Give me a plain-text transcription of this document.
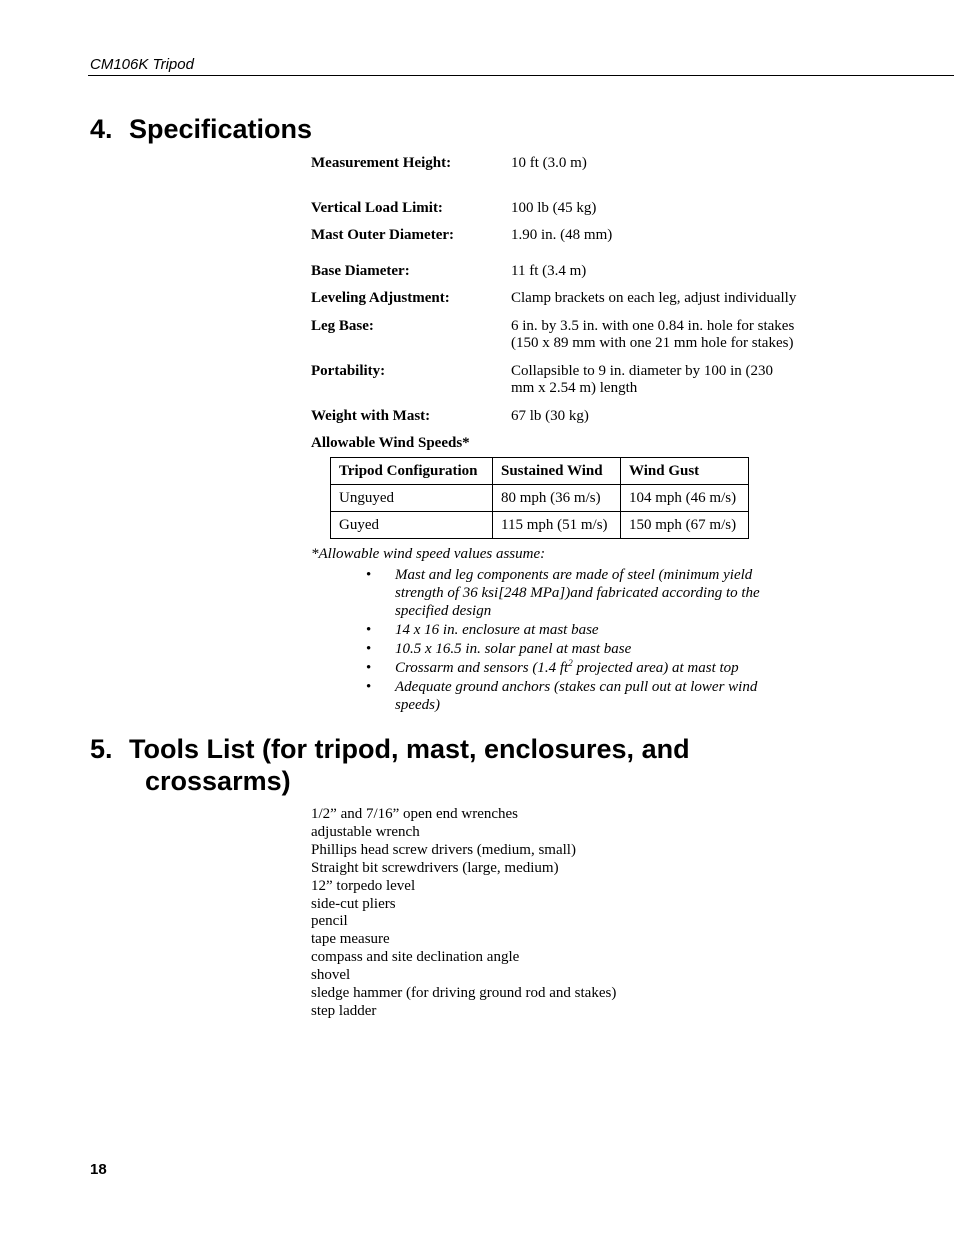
CM106K Tripod
4. Specifications
Measurement Height:	10 ft (3.0 m)
Vertical Load Limit:	100 lb (45 kg)
Mast Outer Diameter:	1.90 in. (48 mm)
Base Diameter:	11 ft (3.4 m)
Leveling Adjustment:	Clamp brackets on each leg, adjust individually
Leg Base:	6 in. by 3.5 in. with one 0.84 in. hole for stakes (150 x 89 mm with one 21 mm hole for stakes)
Portability:	Collapsible to 9 in. diameter by 100 in (230 mm x 2.54 m) length
Weight with Mast:	67 lb (30 kg)
Allowable Wind Speeds*
Tripod Configuration	Sustained Wind	Wind Gust
Unguyed	80 mph (36 m/s)	104 mph (46 m/s)
Guyed	115 mph (51 m/s)	150 mph (67 m/s)
*Allowable wind speed values assume:
• Mast and leg components are made of steel (minimum yield strength of 36 ksi[248 MPa])and fabricated according to the specified design
• 14 x 16 in. enclosure at mast base
• 10.5 x 16.5 in. solar panel at mast base
• Crossarm and sensors (1.4 $ft^2$ projected area) at mast top
• Adequate ground anchors (stakes can pull out at lower wind speeds)
5. Tools List (for tripod, mast, enclosures, and
crossarms)
1/2” and 7/16” open end wrenches
adjustable wrench
Phillips head screw drivers (medium, small)
Straight bit screwdrivers (large, medium)
12” torpedo level
side-cut pliers
pencil
tape measure
compass and site declination angle
shovel
sledge hammer (for driving ground rod and stakes)
step ladder
18
